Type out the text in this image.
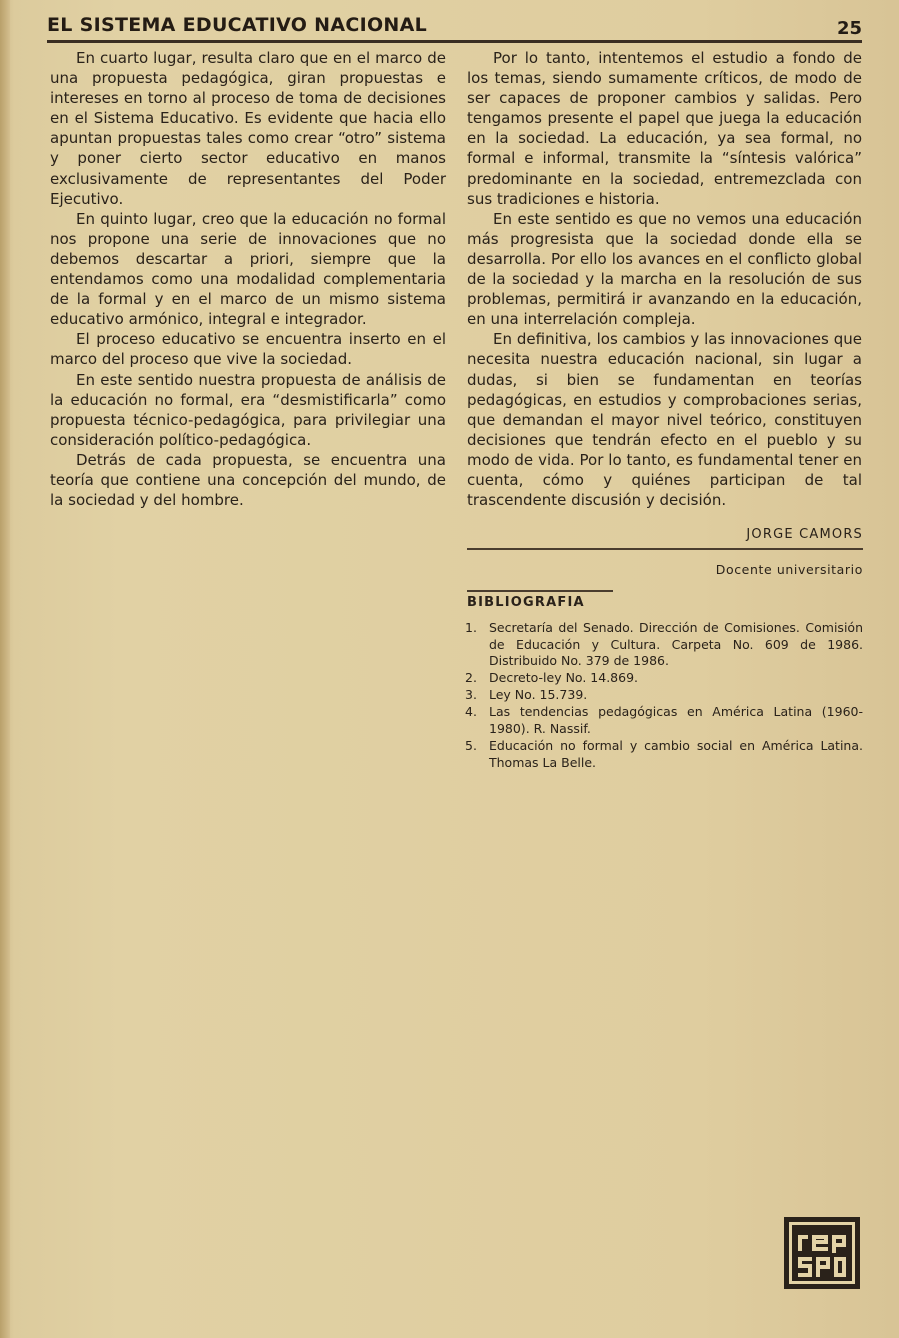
EL SISTEMA EDUCATIVO NACIONAL	25

En cuarto lugar, resulta claro que en el marco de una propuesta pedagógica, giran propuestas e intereses en torno al proceso de toma de decisiones en el Sistema Educativo. Es evidente que hacia ello apuntan propuestas tales como crear “otro” sistema y poner cierto sector educativo en manos exclusivamente de representantes del Poder Ejecutivo.

En quinto lugar, creo que la educación no formal nos propone una serie de innovaciones que no debemos descartar a priori, siempre que la entendamos como una modalidad complementaria de la formal y en el marco de un mismo sistema educativo armónico, integral e integrador.

El proceso educativo se encuentra inserto en el marco del proceso que vive la sociedad.

En este sentido nuestra propuesta de análisis de la educación no formal, era “desmistificarla” como propuesta técnico-pedagógica, para privilegiar una consideración político-pedagógica.

Detrás de cada propuesta, se encuentra una teoría que contiene una concepción del mundo, de la sociedad y del hombre.

Por lo tanto, intentemos el estudio a fondo de los temas, siendo sumamente críticos, de modo de ser capaces de proponer cambios y salidas. Pero tengamos presente el papel que juega la educación en la sociedad. La educación, ya sea formal, no formal e informal, transmite la “síntesis valórica” predominante en la sociedad, entremezclada con sus tradiciones e historia.

En este sentido es que no vemos una educación más progresista que la sociedad donde ella se desarrolla. Por ello los avances en el conflicto global de la sociedad y la marcha en la resolución de sus problemas, permitirá ir avanzando en la educación, en una interrelación compleja.

En definitiva, los cambios y las innovaciones que necesita nuestra educación nacional, sin lugar a dudas, si bien se fundamentan en teorías pedagógicas, en estudios y comprobaciones serias, que demandan el mayor nivel teórico, constituyen decisiones que tendrán efecto en el pueblo y su modo de vida. Por lo tanto, es fundamental tener en cuenta, cómo y quiénes participan de tal trascendente discusión y decisión.

JORGE CAMORS
Docente universitario
BIBLIOGRAFIA
1. Secretaría del Senado. Dirección de Comisiones. Comisión de Educación y Cultura. Carpeta No. 609 de 1986. Distribuido No. 379 de 1986.
2. Decreto-ley No. 14.869.
3. Ley No. 15.739.
4. Las tendencias pedagógicas en América Latina (1960-1980). R. Nassif.
5. Educación no formal y cambio social en América Latina. Thomas La Belle.
